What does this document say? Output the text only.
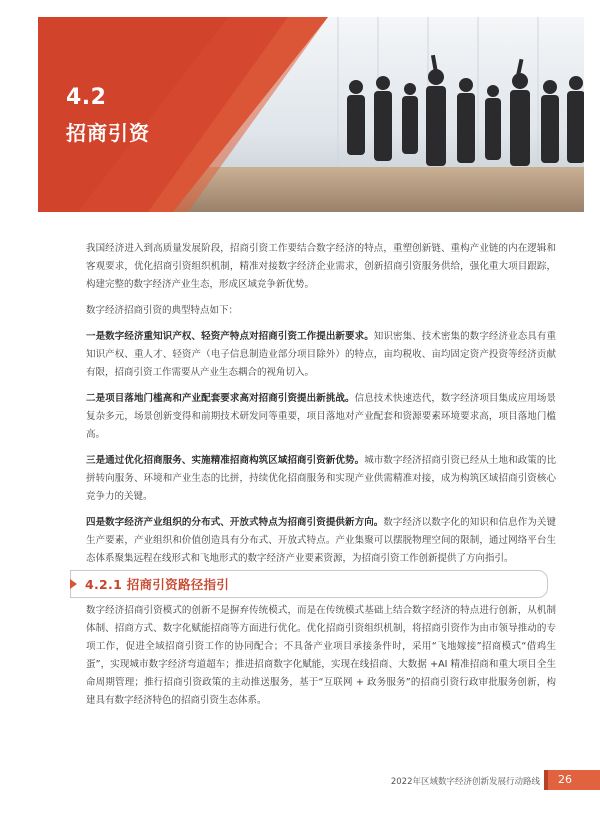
4.2
招商引资

我国经济进入到高质量发展阶段，招商引资工作要结合数字经济的特点，重塑创新链、重构产业链的内在逻辑和客观要求，优化招商引资组织机制，精准对接数字经济企业需求，创新招商引资服务供给，强化重大项目跟踪，构建完整的数字经济产业生态，形成区域竞争新优势。

数字经济招商引资的典型特点如下：

一是数字经济重知识产权、轻资产特点对招商引资工作提出新要求。知识密集、技术密集的数字经济业态具有重知识产权、重人才、轻资产（电子信息制造业部分项目除外）的特点，亩均税收、亩均固定资产投资等经济贡献有限，招商引资工作需要从产业生态耦合的视角切入。

二是项目落地门槛高和产业配套要求高对招商引资提出新挑战。信息技术快速迭代，数字经济项目集成应用场景复杂多元，场景创新变得和前期技术研发同等重要，项目落地对产业配套和资源要素环境要求高，项目落地门槛高。

三是通过优化招商服务、实施精准招商构筑区域招商引资新优势。城市数字经济招商引资已经从土地和政策的比拼转向服务、环境和产业生态的比拼，持续优化招商服务和实现产业供需精准对接，成为构筑区域招商引资核心竞争力的关键。

四是数字经济产业组织的分布式、开放式特点为招商引资提供新方向。数字经济以数字化的知识和信息作为关键生产要素，产业组织和价值创造具有分布式、开放式特点。产业集聚可以摆脱物理空间的限制，通过网络平台生态体系聚集远程在线形式和飞地形式的数字经济产业要素资源，为招商引资工作创新提供了方向指引。

4.2.1 招商引资路径指引

数字经济招商引资模式的创新不是摒弃传统模式，而是在传统模式基础上结合数字经济的特点进行创新，从机制体制、招商方式、数字化赋能招商等方面进行优化。优化招商引资组织机制，将招商引资作为由市领导推动的专项工作，促进全域招商引资工作的协同配合；不具备产业项目承接条件时，采用“飞地嫁接”招商模式“借鸡生蛋”，实现城市数字经济弯道超车；推进招商数字化赋能，实现在线招商、大数据 +AI 精准招商和重大项目全生命周期管理；推行招商引资政策的主动推送服务，基于“互联网 + 政务服务”的招商引资行政审批服务创新，构建具有数字经济特色的招商引资生态体系。

2022年区域数字经济创新发展行动路线	26
